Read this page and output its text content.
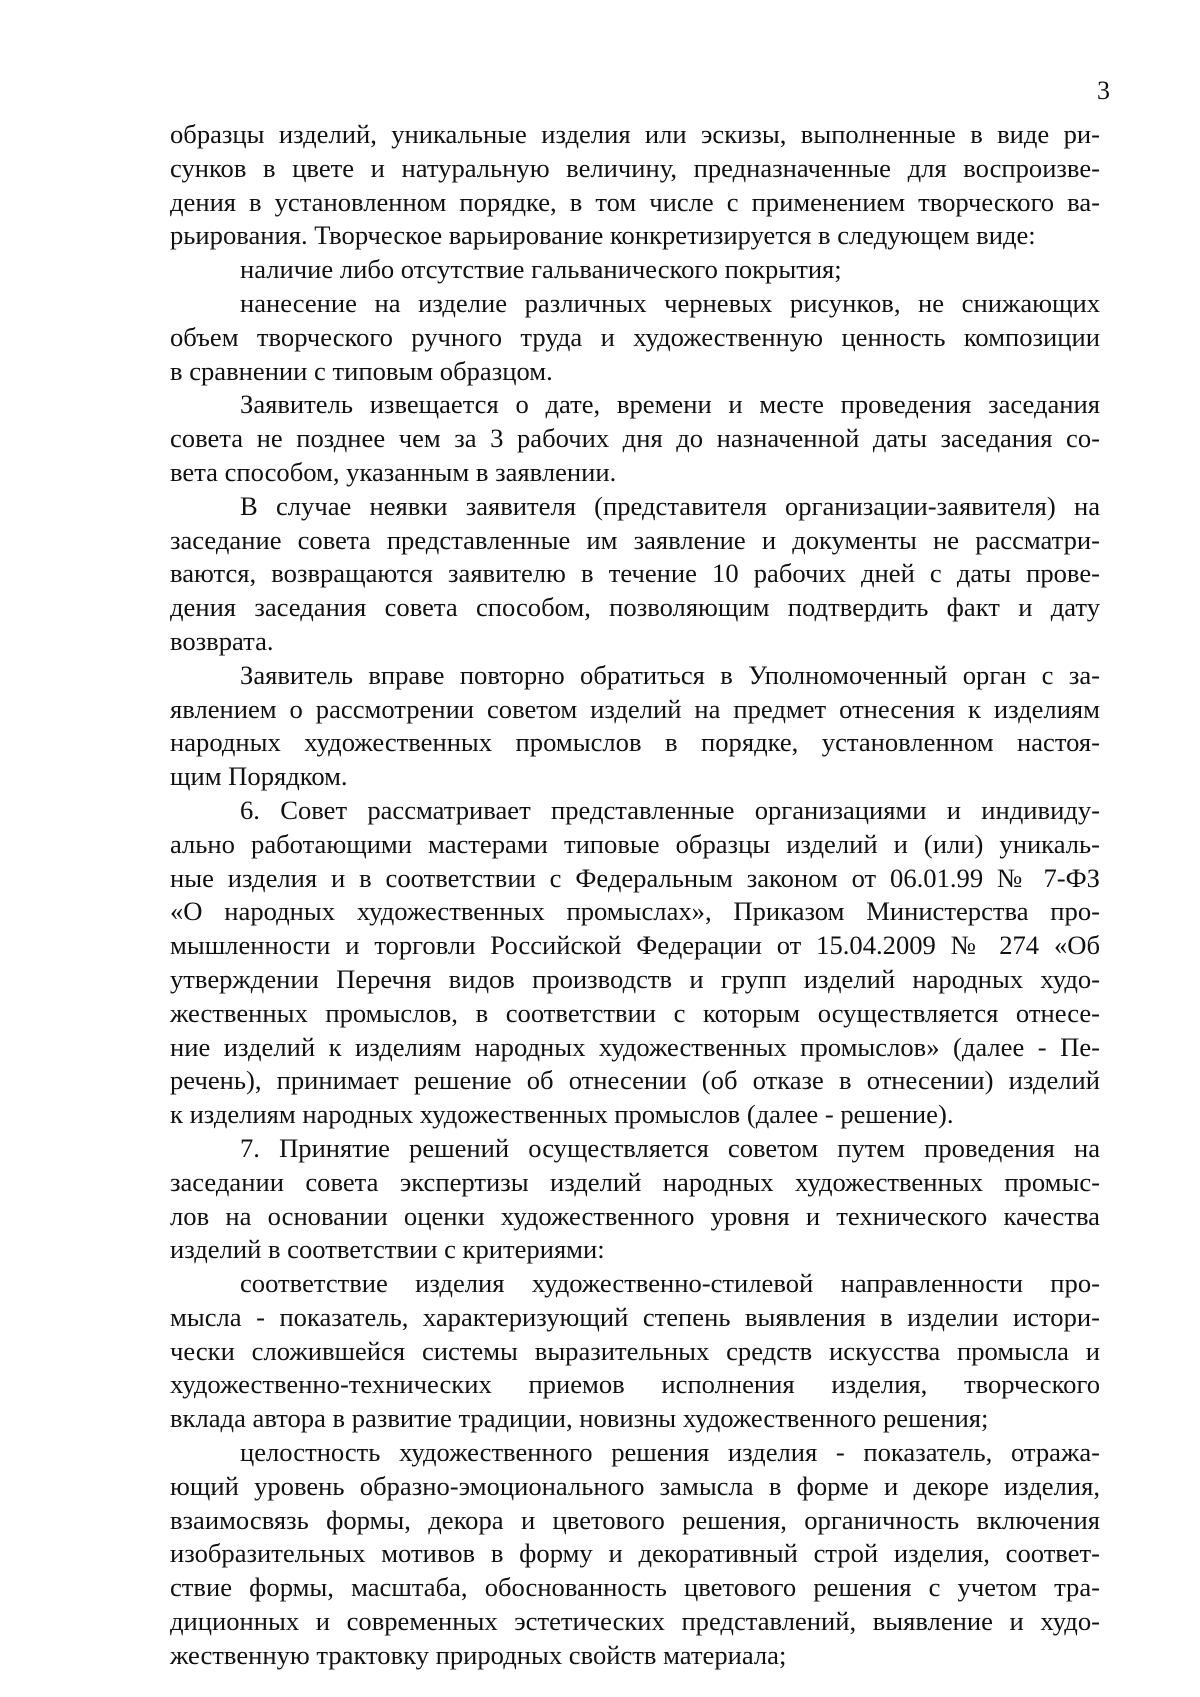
3

образцы изделий, уникальные изделия или эскизы, выполненные в виде ри-
сунков в цвете и натуральную величину, предназначенные для воспроизве-
дения в установленном порядке, в том числе с применением творческого ва-
рьирования. Творческое варьирование конкретизируется в следующем виде:

наличие либо отсутствие гальванического покрытия;

нанесение на изделие различных черневых рисунков, не снижающих
объем творческого ручного труда и художественную ценность композиции
в сравнении с типовым образцом.

Заявитель извещается о дате, времени и месте проведения заседания
совета не позднее чем за 3 рабочих дня до назначенной даты заседания со-
вета способом, указанным в заявлении.

В случае неявки заявителя (представителя организации-заявителя) на
заседание совета представленные им заявление и документы не рассматри-
ваются, возвращаются заявителю в течение 10 рабочих дней с даты прове-
дения заседания совета способом, позволяющим подтвердить факт и дату
возврата.

Заявитель вправе повторно обратиться в Уполномоченный орган с за-
явлением о рассмотрении советом изделий на предмет отнесения к изделиям
народных художественных промыслов в порядке, установленном настоя-
щим Порядком.

6. Совет рассматривает представленные организациями и индивиду-
ально работающими мастерами типовые образцы изделий и (или) уникаль-
ные изделия и в соответствии с Федеральным законом от 06.01.99 № 7-ФЗ
«О народных художественных промыслах», Приказом Министерства про-
мышленности и торговли Российской Федерации от 15.04.2009 № 274 «Об
утверждении Перечня видов производств и групп изделий народных худо-
жественных промыслов, в соответствии с которым осуществляется отнесе-
ние изделий к изделиям народных художественных промыслов» (далее - Пе-
речень), принимает решение об отнесении (об отказе в отнесении) изделий
к изделиям народных художественных промыслов (далее - решение).

7. Принятие решений осуществляется советом путем проведения на
заседании совета экспертизы изделий народных художественных промыс-
лов на основании оценки художественного уровня и технического качества
изделий в соответствии с критериями:

соответствие изделия художественно-стилевой направленности про-
мысла - показатель, характеризующий степень выявления в изделии истори-
чески сложившейся системы выразительных средств искусства промысла и
художественно-технических приемов исполнения изделия, творческого
вклада автора в развитие традиции, новизны художественного решения;

целостность художественного решения изделия - показатель, отража-
ющий уровень образно-эмоционального замысла в форме и декоре изделия,
взаимосвязь формы, декора и цветового решения, органичность включения
изобразительных мотивов в форму и декоративный строй изделия, соответ-
ствие формы, масштаба, обоснованность цветового решения с учетом тра-
диционных и современных эстетических представлений, выявление и худо-
жественную трактовку природных свойств материала;
